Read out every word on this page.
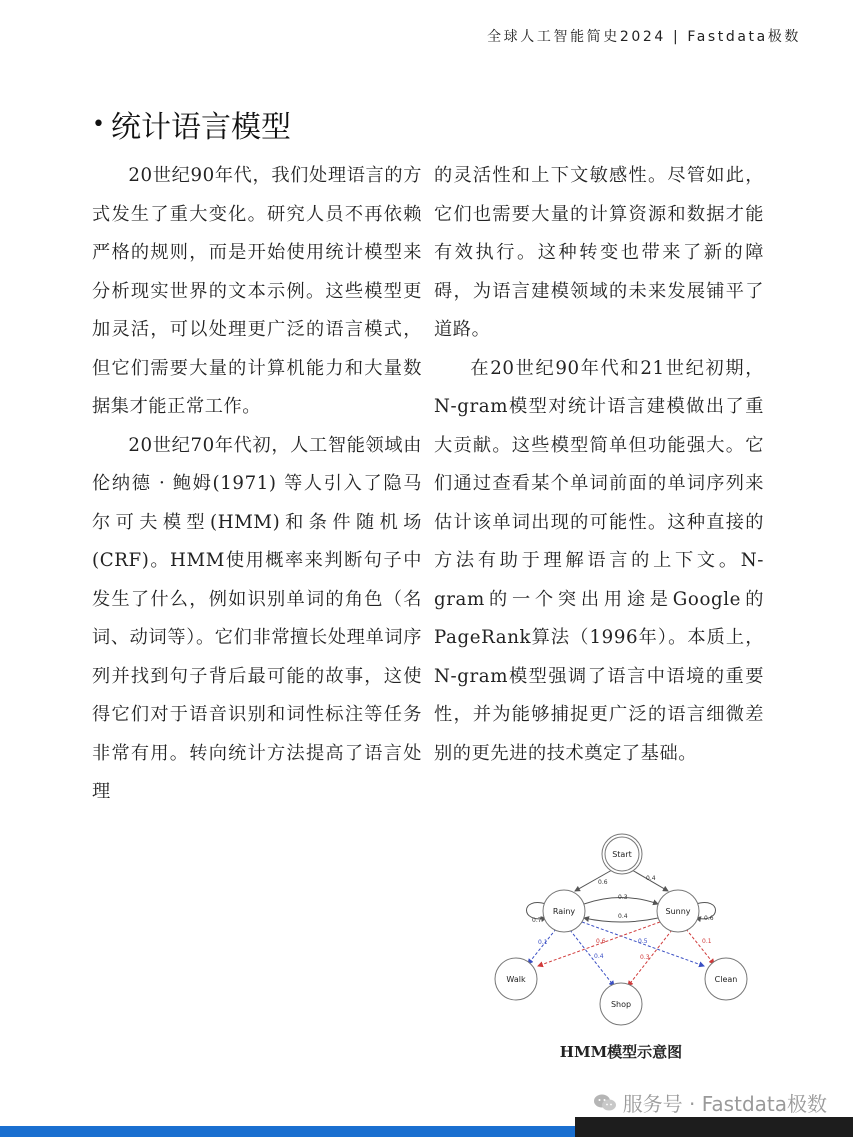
全球人工智能简史2024 | Fastdata极数
• 统计语言模型

20世纪90年代，我们处理语言的方式发生了重大变化。研究人员不再依赖严格的规则，而是开始使用统计模型来分析现实世界的文本示例。这些模型更加灵活，可以处理更广泛的语言模式，但它们需要大量的计算机能力和大量数据集才能正常工作。

20世纪70年代初，人工智能领域由伦纳德 · 鲍姆(1971) 等人引入了隐马尔可夫模型(HMM)和条件随机场(CRF)。HMM使用概率来判断句子中发生了什么，例如识别单词的角色（名词、动词等）。它们非常擅长处理单词序列并找到句子背后最可能的故事，这使得它们对于语音识别和词性标注等任务非常有用。转向统计方法提高了语言处理

的灵活性和上下文敏感性。尽管如此，它们也需要大量的计算资源和数据才能有效执行。这种转变也带来了新的障碍，为语言建模领域的未来发展铺平了道路。

在20世纪90年代和21世纪初期，N-gram模型对统计语言建模做出了重大贡献。这些模型简单但功能强大。它们通过查看某个单词前面的单词序列来估计该单词出现的可能性。这种直接的方法有助于理解语言的上下文。N-gram的一个突出用途是Google的PageRank算法（1996年）。本质上，N-gram模型强调了语言中语境的重要性，并为能够捕捉更广泛的语言细微差别的更先进的技术奠定了基础。

Start
Rainy	Sunny
Walk
Shop
Clean
0.6
0.4
0.3
0.4
0.7	0.6
0.1
0.4
0.5
0.6
0.3
0.1
HMM模型示意图
服务号 · Fastdata极数
